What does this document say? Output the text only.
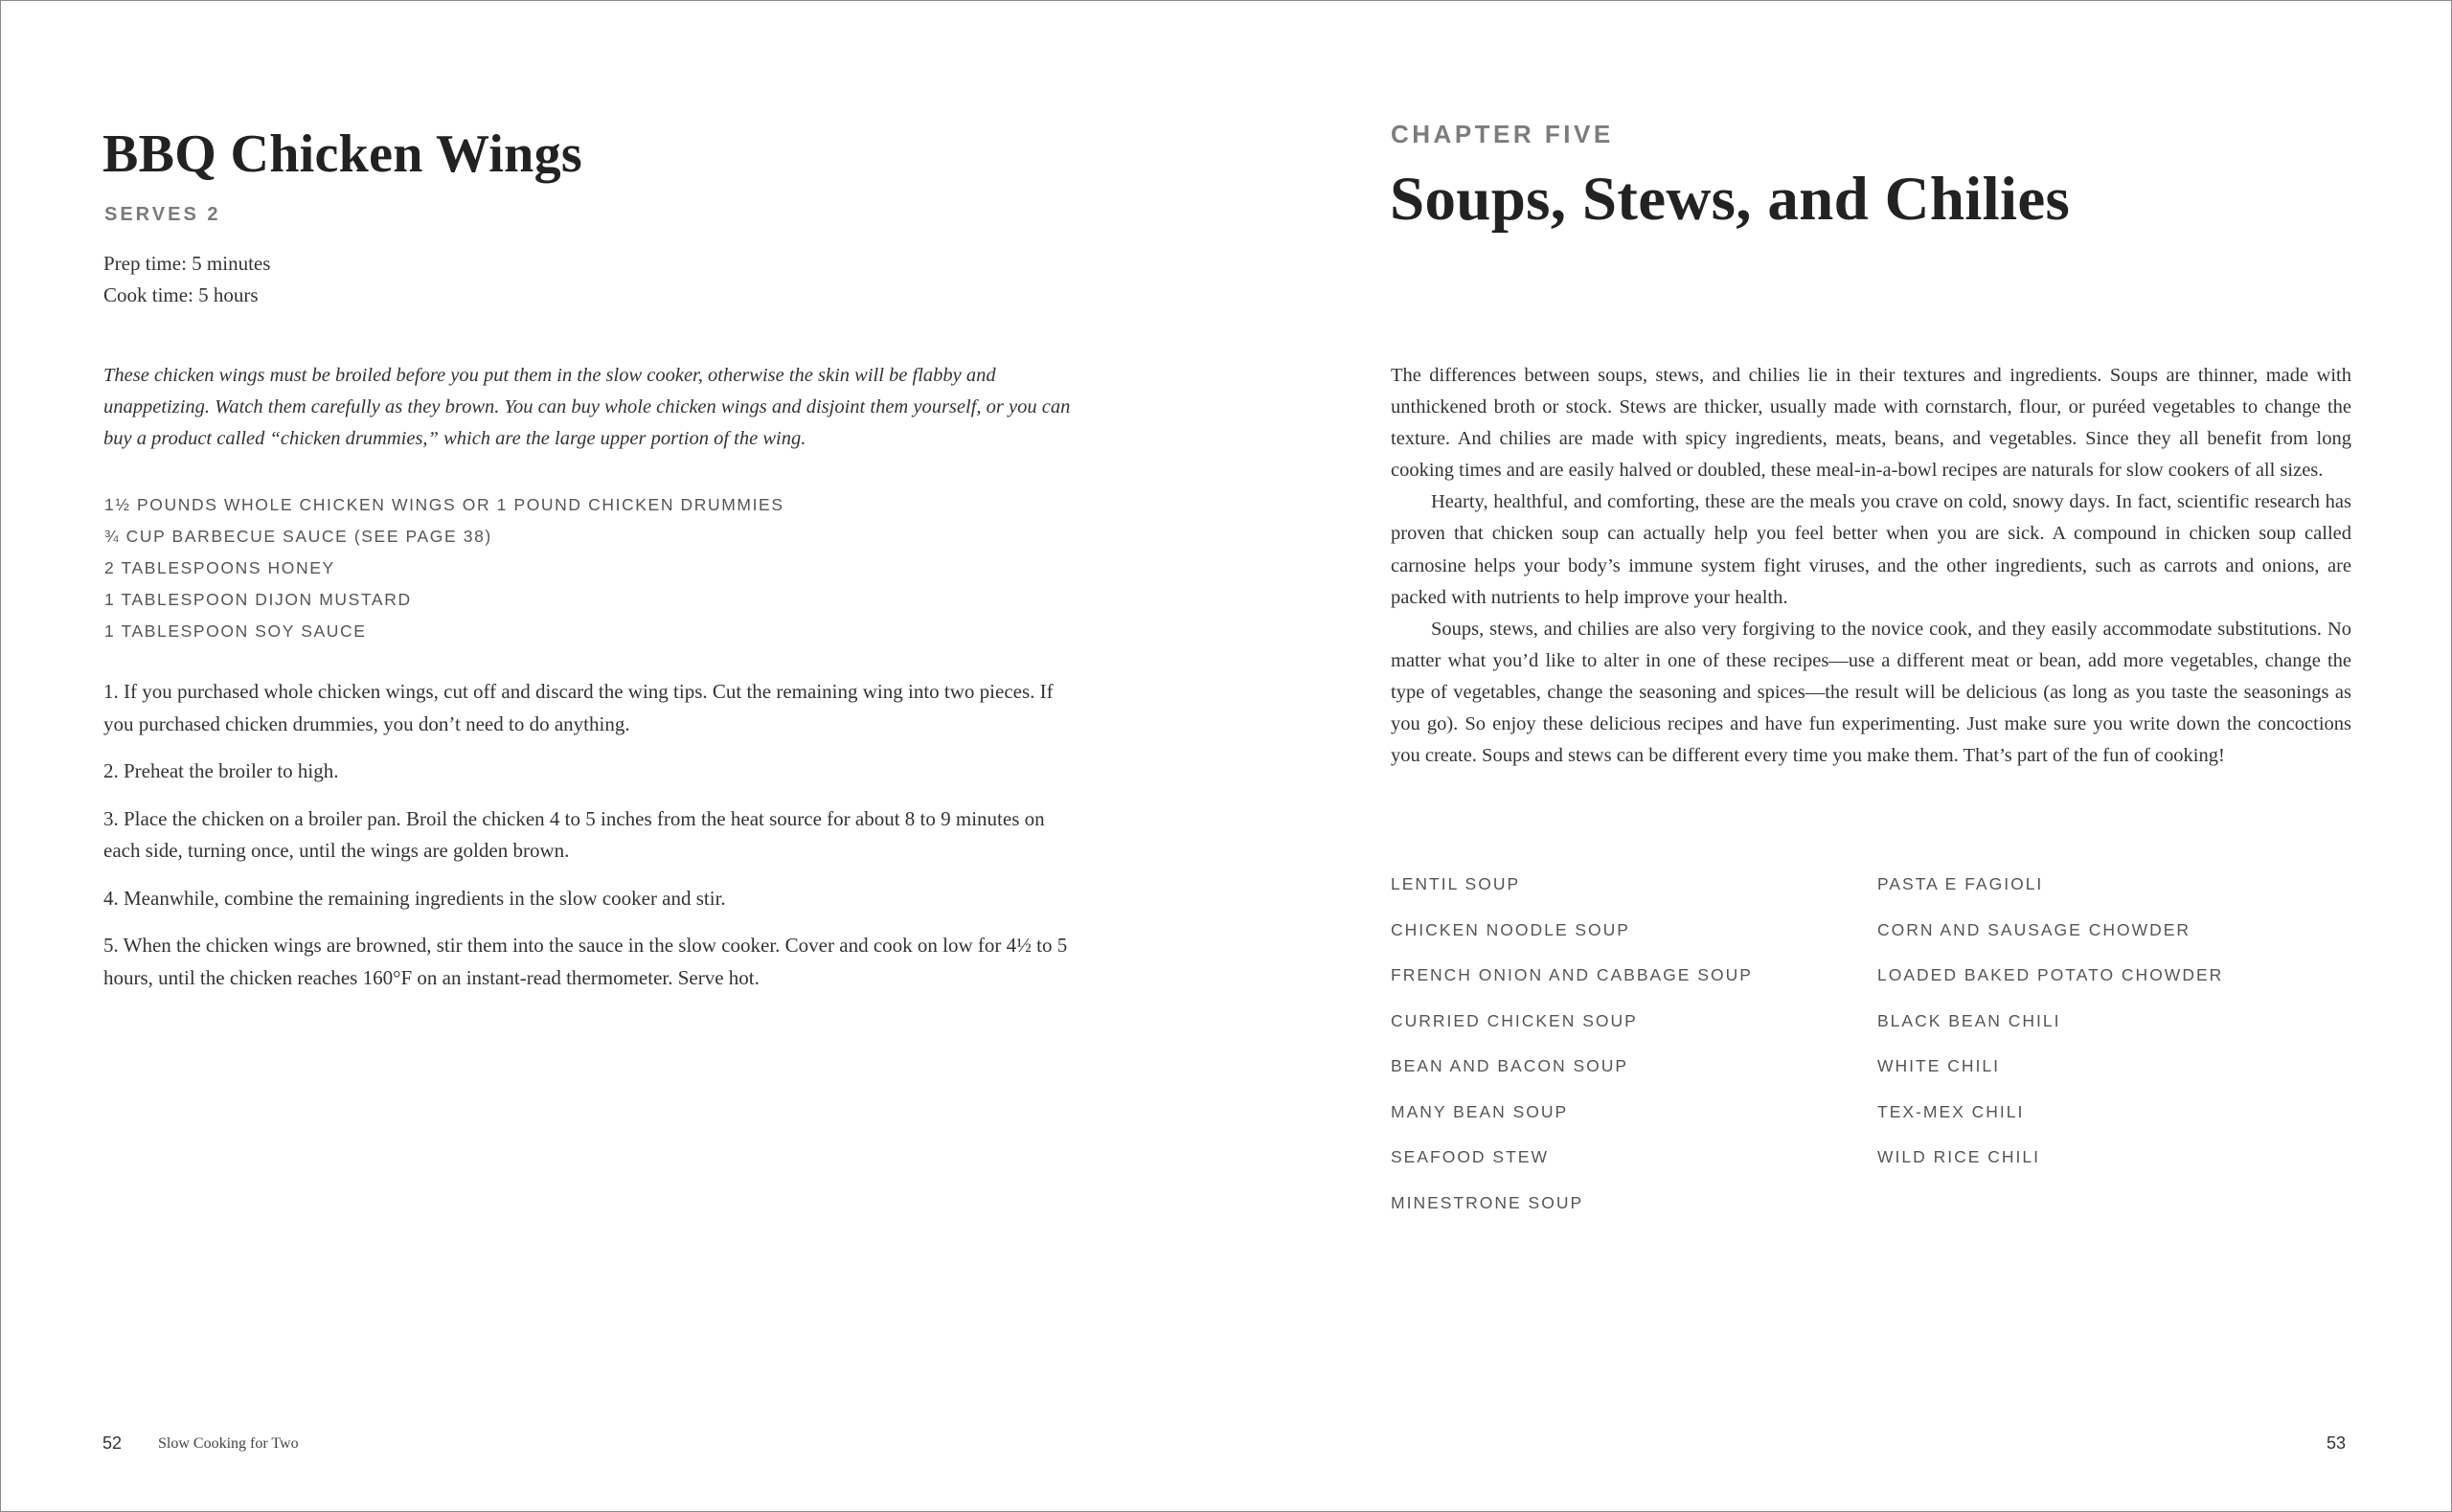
BBQ Chicken Wings
SERVES 2
Prep time: 5 minutes
Cook time: 5 hours

These chicken wings must be broiled before you put them in the slow cooker, otherwise the skin will be flabby and unappetizing. Watch them carefully as they brown. You can buy whole chicken wings and disjoint them yourself, or you can buy a product called “chicken drummies,” which are the large upper portion of the wing.

1½ POUNDS WHOLE CHICKEN WINGS OR 1 POUND CHICKEN DRUMMIES
¾ CUP BARBECUE SAUCE (SEE PAGE 38)
2 TABLESPOONS HONEY
1 TABLESPOON DIJON MUSTARD
1 TABLESPOON SOY SAUCE

1. If you purchased whole chicken wings, cut off and discard the wing tips. Cut the remaining wing into two pieces. If you purchased chicken drummies, you don’t need to do anything.

2. Preheat the broiler to high.

3. Place the chicken on a broiler pan. Broil the chicken 4 to 5 inches from the heat source for about 8 to 9 minutes on each side, turning once, until the wings are golden brown.

4. Meanwhile, combine the remaining ingredients in the slow cooker and stir.

5. When the chicken wings are browned, stir them into the sauce in the slow cooker. Cover and cook on low for 4½ to 5 hours, until the chicken reaches 160°F on an instant-read thermometer. Serve hot.

52 Slow Cooking for Two
CHAPTER FIVE
Soups, Stews, and Chilies

The differences between soups, stews, and chilies lie in their textures and ingredients. Soups are thinner, made with unthickened broth or stock. Stews are thicker, usually made with cornstarch, flour, or puréed vegetables to change the texture. And chilies are made with spicy ingredients, meats, beans, and vegetables. Since they all benefit from long cooking times and are easily halved or doubled, these meal-in-a-bowl recipes are naturals for slow cookers of all sizes.

Hearty, healthful, and comforting, these are the meals you crave on cold, snowy days. In fact, scientific research has proven that chicken soup can actually help you feel better when you are sick. A compound in chicken soup called carnosine helps your body’s immune system fight viruses, and the other ingredients, such as carrots and onions, are packed with nutrients to help improve your health.

Soups, stews, and chilies are also very forgiving to the novice cook, and they easily accommodate substitutions. No matter what you’d like to alter in one of these recipes—use a different meat or bean, add more vegetables, change the type of vegetables, change the seasoning and spices—the result will be delicious (as long as you taste the seasonings as you go). So enjoy these delicious recipes and have fun experimenting. Just make sure you write down the concoctions you create. Soups and stews can be different every time you make them. That’s part of the fun of cooking!

LENTIL SOUP
CHICKEN NOODLE SOUP
FRENCH ONION AND CABBAGE SOUP
CURRIED CHICKEN SOUP
BEAN AND BACON SOUP
MANY BEAN SOUP
SEAFOOD STEW
MINESTRONE SOUP
PASTA E FAGIOLI
CORN AND SAUSAGE CHOWDER
LOADED BAKED POTATO CHOWDER
BLACK BEAN CHILI
WHITE CHILI
TEX-MEX CHILI
WILD RICE CHILI
53
